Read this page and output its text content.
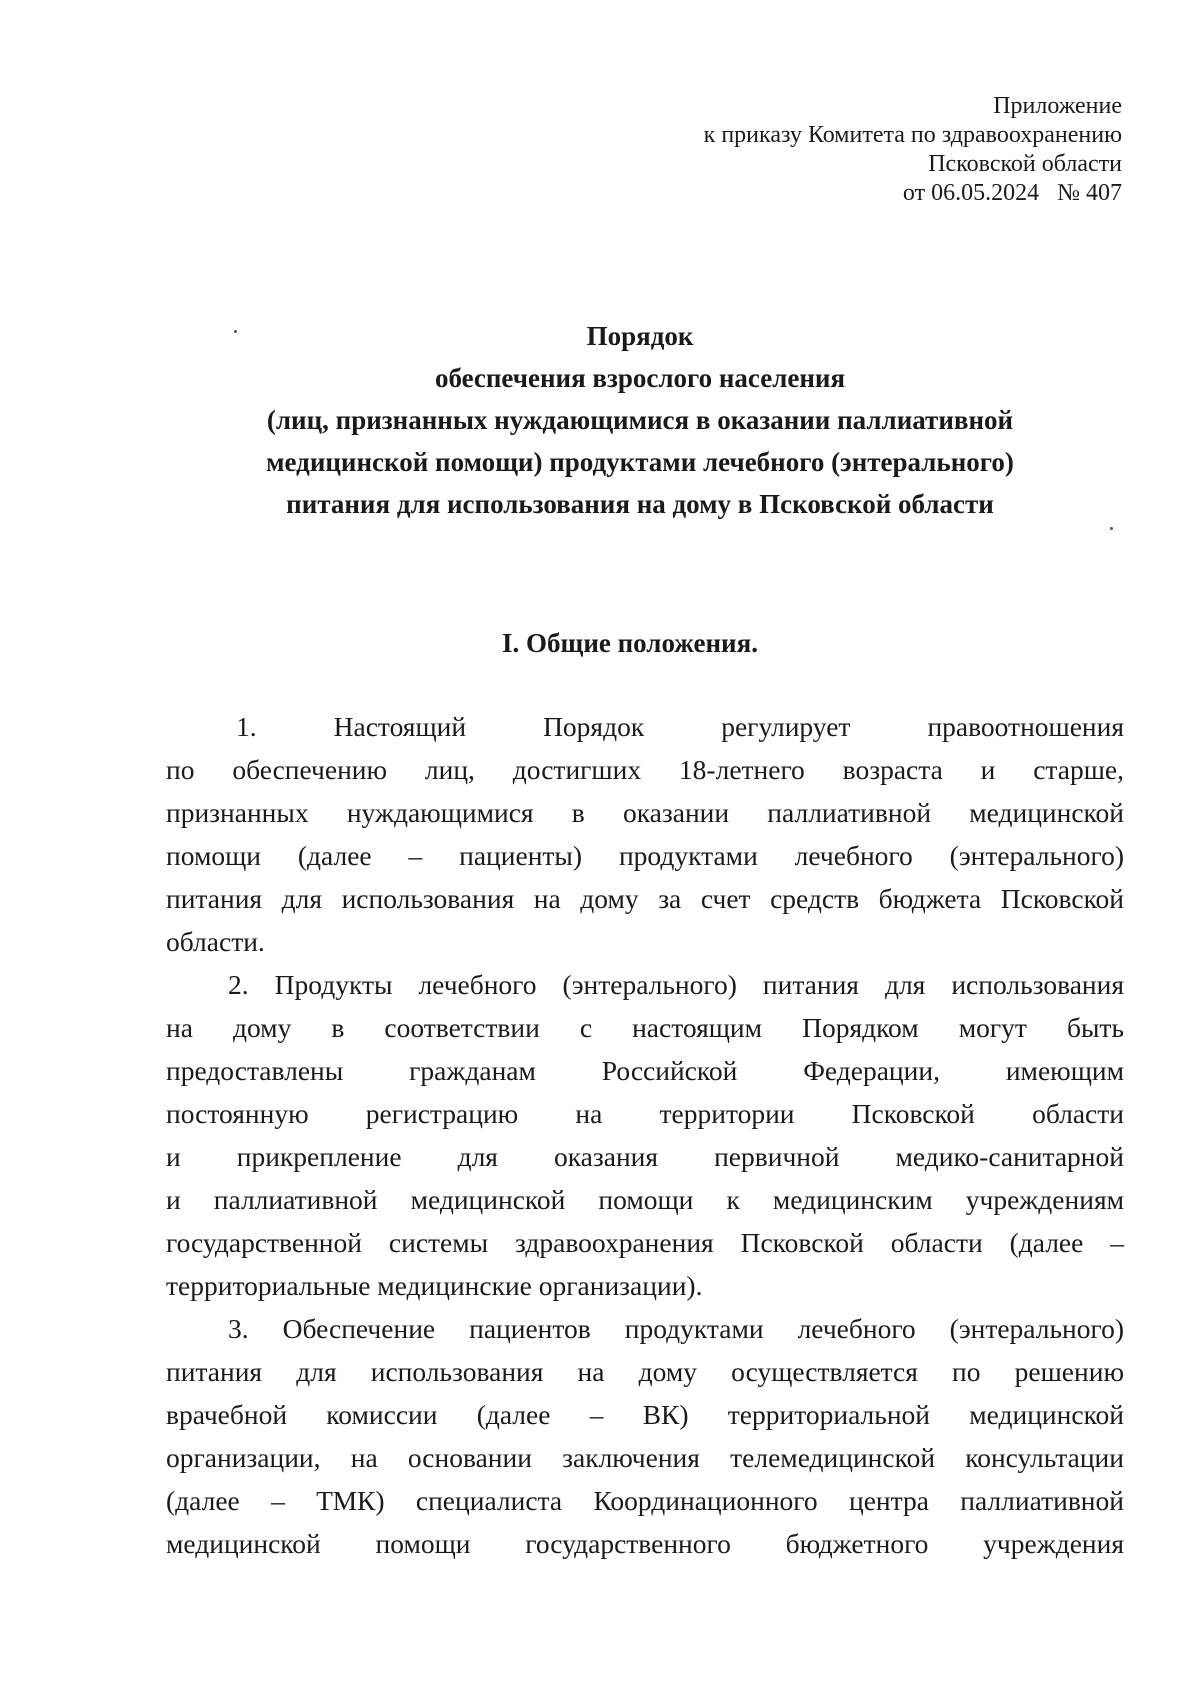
Приложение
к приказу Комитета по здравоохранению
Псковской области
от 06.05.2024   № 407
Порядок
обеспечения взрослого населения
(лиц, признанных нуждающимися в оказании паллиативной
медицинской помощи) продуктами лечебного (энтерального)
питания для использования на дому в Псковской области
I. Общие положения.
1. Настоящий Порядок регулирует правоотношения
по обеспечению лиц, достигших 18-летнего возраста и старше,
признанных нуждающимися в оказании паллиативной медицинской
помощи (далее – пациенты) продуктами лечебного (энтерального)
питания для использования на дому за счет средств бюджета Псковской
области.
2. Продукты лечебного (энтерального) питания для использования
на дому в соответствии с настоящим Порядком могут быть
предоставлены гражданам Российской Федерации, имеющим
постоянную регистрацию на территории Псковской области
и прикрепление для оказания первичной медико-санитарной
и паллиативной медицинской помощи к медицинским учреждениям
государственной системы здравоохранения Псковской области (далее –
территориальные медицинские организации).
3. Обеспечение пациентов продуктами лечебного (энтерального)
питания для использования на дому осуществляется по решению
врачебной комиссии (далее – ВК) территориальной медицинской
организации, на основании заключения телемедицинской консультации
(далее – ТМК) специалиста Координационного центра паллиативной
медицинской помощи государственного бюджетного учреждения
